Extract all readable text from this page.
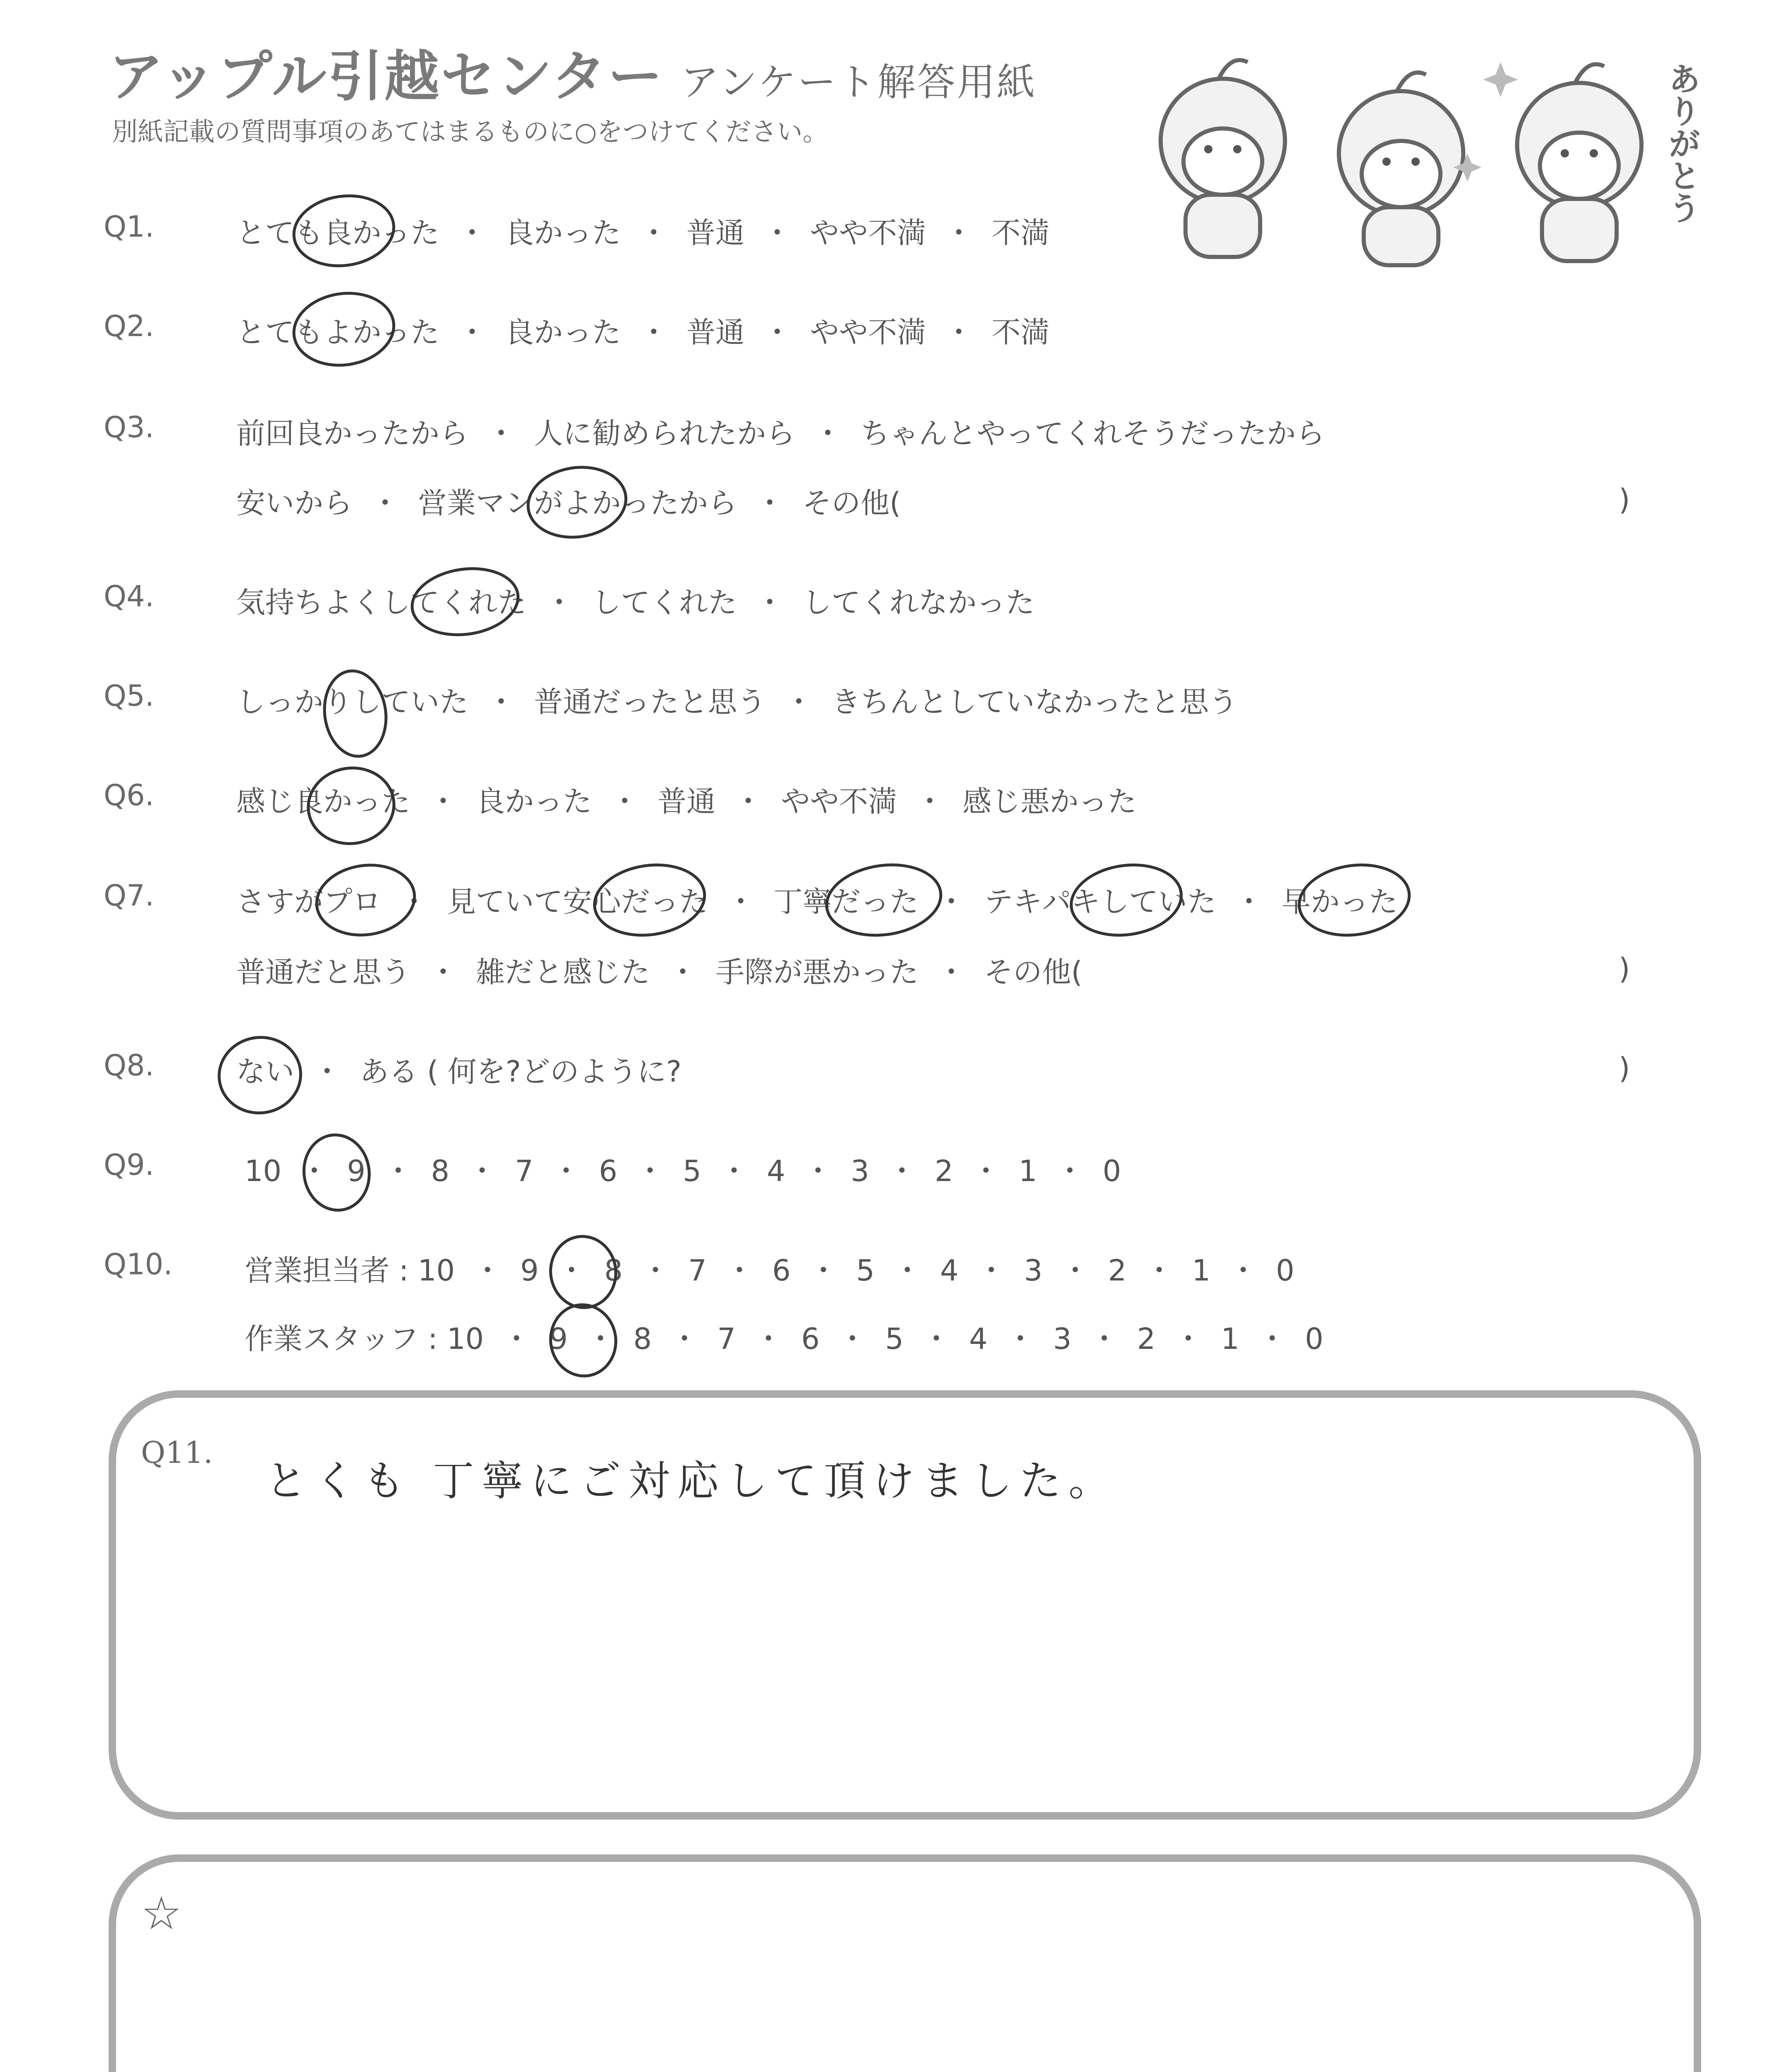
アップル引越センター アンケート解答用紙
別紙記載の質問事項のあてはまるものに○をつけてください。	ありがとう
Q1.	とても良かった ・ 良かった ・ 普通 ・ やや不満 ・ 不満
Q2.	とてもよかった ・ 良かった ・ 普通 ・ やや不満 ・ 不満
Q3.	前回良かったから ・ 人に勧められたから ・ ちゃんとやってくれそうだったから
安いから ・ 営業マンがよかったから ・ その他(	)
Q4.	気持ちよくしてくれた ・ してくれた ・ してくれなかった
Q5.	しっかりしていた ・ 普通だったと思う ・ きちんとしていなかったと思う
Q6.	感じ良かった ・ 良かった ・ 普通 ・ やや不満 ・ 感じ悪かった
Q7.	さすがプロ ・ 見ていて安心だった ・ 丁寧だった ・ テキパキしていた ・ 早かった
普通だと思う ・ 雑だと感じた ・ 手際が悪かった ・ その他(	)
Q8.	ない ・ ある ( 何を?どのように?	)
Q9.	10 ・ 9 ・ 8 ・ 7 ・ 6 ・ 5 ・ 4 ・ 3 ・ 2 ・ 1 ・ 0
Q10. 営業担当者 : 10 ・ 9 ・ 8 ・ 7 ・ 6 ・ 5 ・ 4 ・ 3 ・ 2 ・ 1 ・ 0
作業スタッフ : 10 ・ 9 ・ 8 ・ 7 ・ 6 ・ 5 ・ 4 ・ 3 ・ 2 ・ 1 ・ 0
Q11.
とくも 丁寧にご対応して頂けました。
☆
